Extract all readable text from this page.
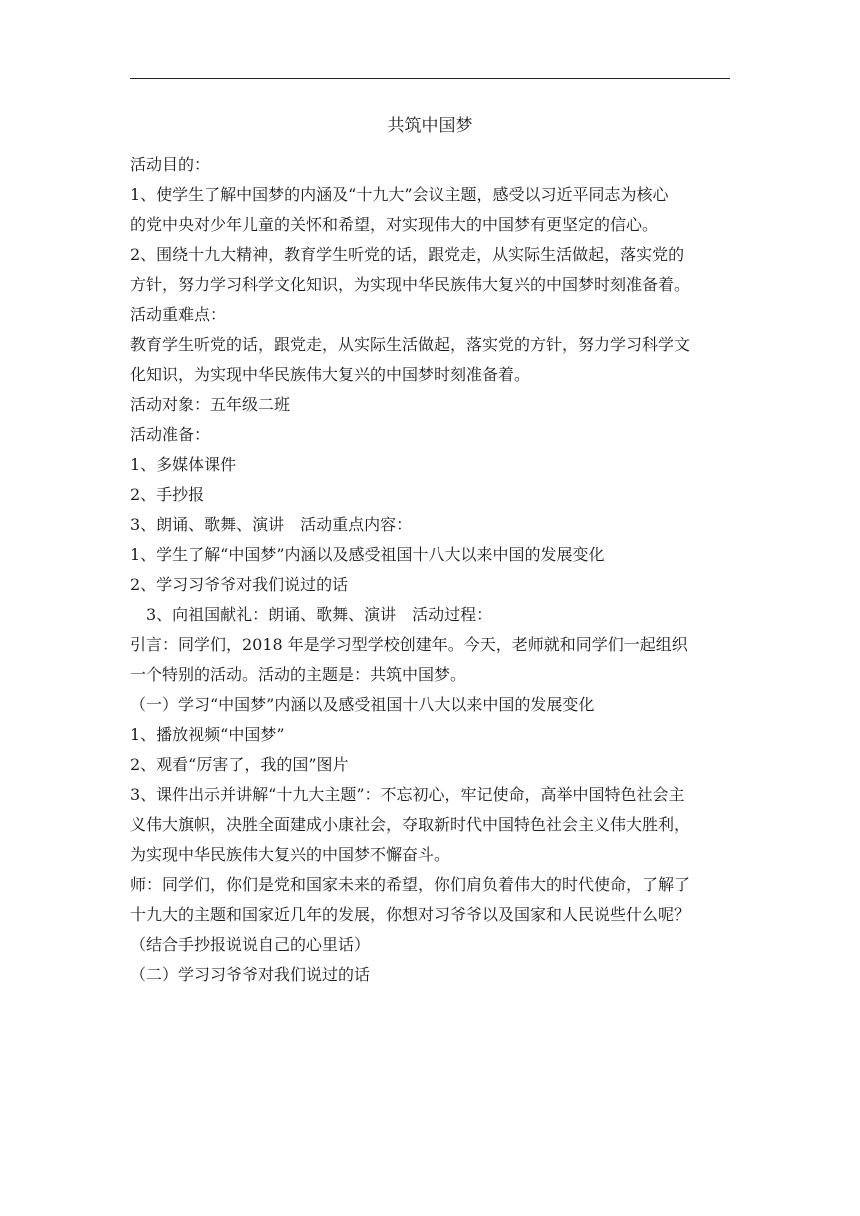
共筑中国梦
活动目的：
1、使学生了解中国梦的内涵及“十九大”会议主题，感受以习近平同志为核心
的党中央对少年儿童的关怀和希望，对实现伟大的中国梦有更坚定的信心。
2、围绕十九大精神，教育学生听党的话，跟党走，从实际生活做起，落实党的
方针，努力学习科学文化知识，为实现中华民族伟大复兴的中国梦时刻准备着。
活动重难点：
教育学生听党的话，跟党走，从实际生活做起，落实党的方针，努力学习科学文
化知识，为实现中华民族伟大复兴的中国梦时刻准备着。
活动对象：五年级二班
活动准备：
1、多媒体课件
2、手抄报
3、朗诵、歌舞、演讲　活动重点内容：
1、学生了解“中国梦”内涵以及感受祖国十八大以来中国的发展变化
2、学习习爷爷对我们说过的话
3、向祖国献礼：朗诵、歌舞、演讲　活动过程：
引言：同学们，2018 年是学习型学校创建年。今天，老师就和同学们一起组织
一个特别的活动。活动的主题是：共筑中国梦。
（一）学习“中国梦”内涵以及感受祖国十八大以来中国的发展变化
1、播放视频“中国梦”
2、观看“厉害了，我的国”图片
3、课件出示并讲解“十九大主题”：不忘初心，牢记使命，高举中国特色社会主
义伟大旗帜，决胜全面建成小康社会，夺取新时代中国特色社会主义伟大胜利，
为实现中华民族伟大复兴的中国梦不懈奋斗。
师：同学们，你们是党和国家未来的希望，你们肩负着伟大的时代使命，了解了
十九大的主题和国家近几年的发展，你想对习爷爷以及国家和人民说些什么呢？
（结合手抄报说说自己的心里话）
（二）学习习爷爷对我们说过的话
